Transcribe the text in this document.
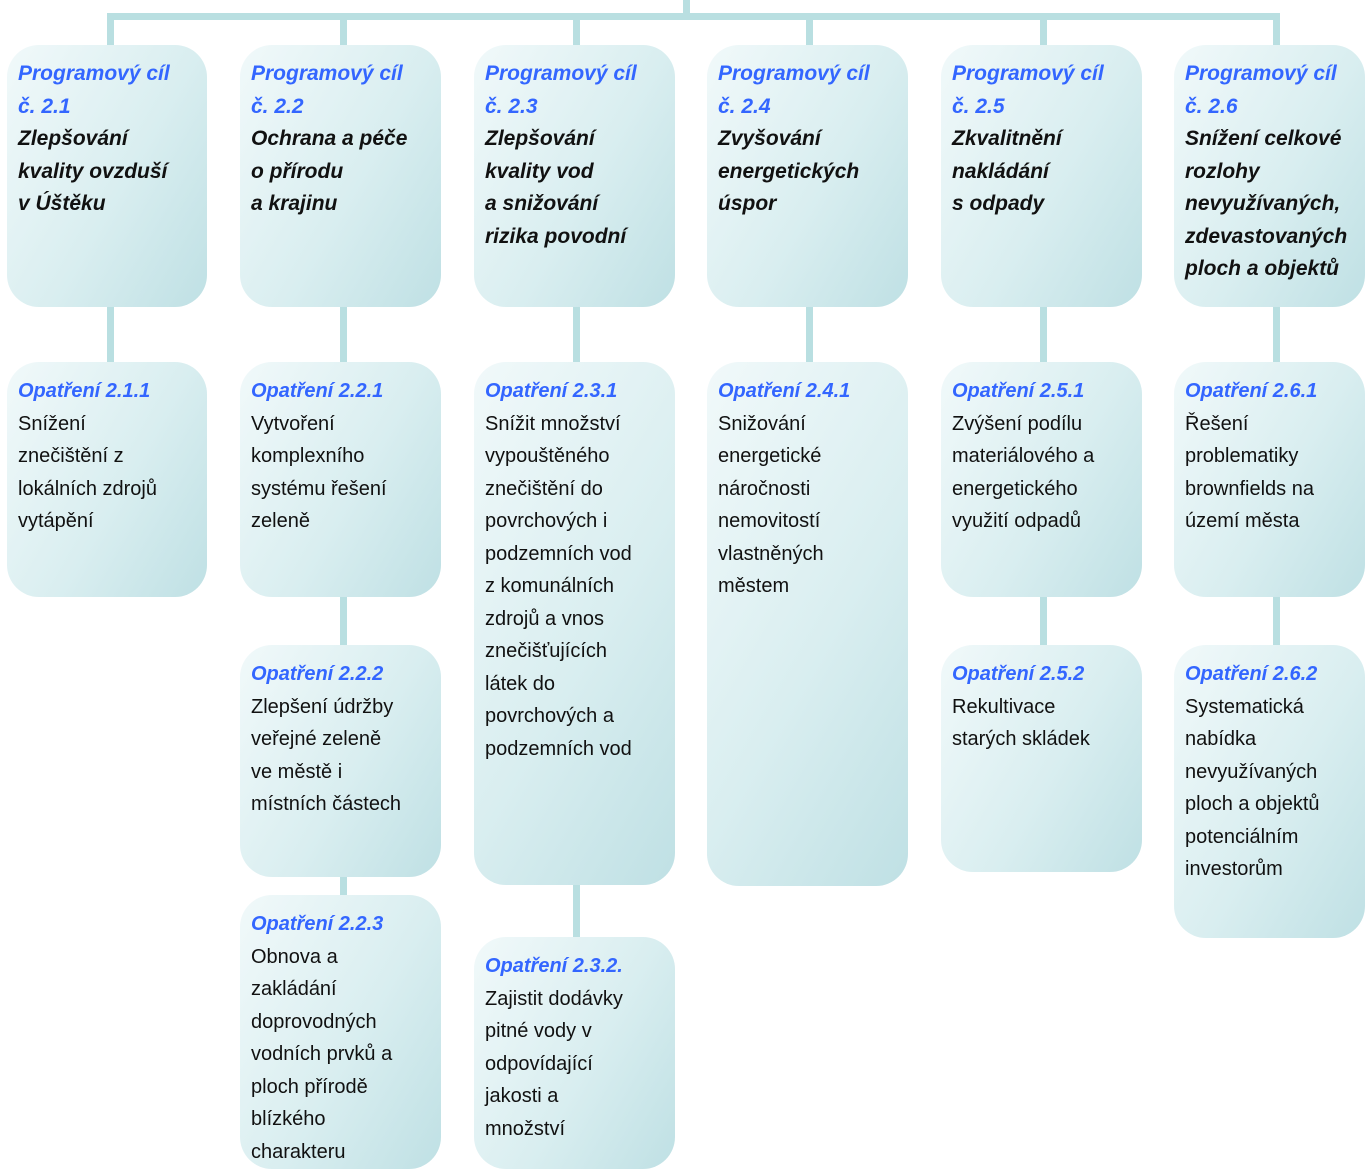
Programový cíl
č. 2.1
Zlepšování
kvality ovzduší
v Úštěku
Opatření 2.1.1
Snížení
znečištění z
lokálních zdrojů
vytápění
Programový cíl
č. 2.2
Ochrana a péče
o přírodu
a krajinu
Opatření 2.2.1
Vytvoření
komplexního
systému řešení
zeleně
Opatření 2.2.2
Zlepšení údržby
veřejné zeleně
ve městě i
místních částech
Opatření 2.2.3
Obnova a
zakládání
doprovodných
vodních prvků a
ploch přírodě
blízkého
charakteru
Programový cíl
č. 2.3
Zlepšování
kvality vod
a snižování
rizika povodní
Opatření 2.3.1
Snížit množství
vypouštěného
znečištění do
povrchových i
podzemních vod
z komunálních
zdrojů a vnos
znečišťujících
látek do
povrchových a
podzemních vod
Opatření 2.3.2.
Zajistit dodávky
pitné vody v
odpovídající
jakosti a
množství
Programový cíl
č. 2.4
Zvyšování
energetických
úspor
Opatření 2.4.1
Snižování
energetické
náročnosti
nemovitostí
vlastněných
městem
Programový cíl
č. 2.5
Zkvalitnění
nakládání
s odpady
Opatření 2.5.1
Zvýšení podílu
materiálového a
energetického
využití odpadů
Opatření 2.5.2
Rekultivace
starých skládek
Programový cíl
č. 2.6
Snížení celkové
rozlohy
nevyužívaných,
zdevastovaných
ploch a objektů
Opatření 2.6.1
Řešení
problematiky
brownfields na
území města
Opatření 2.6.2
Systematická
nabídka
nevyužívaných
ploch a objektů
potenciálním
investorům
